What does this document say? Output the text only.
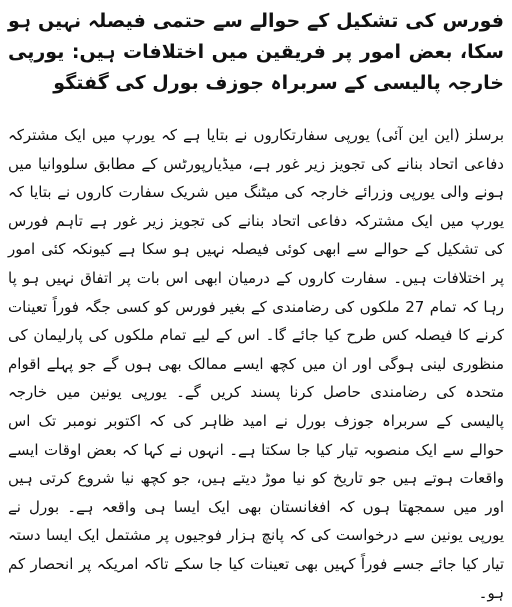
فورس کی تشکیل کے حوالے سے حتمی فیصلہ نہیں ہو سکا، بعض امور پر فریقین میں اختلافات ہیں: یورپی خارجہ پالیسی کے سربراہ جوزف بورل کی گفتگو

برسلز (این این آئی) یورپی سفارتکاروں نے بتایا ہے کہ یورپ میں ایک مشترکہ دفاعی اتحاد بنانے کی تجویز زیر غور ہے، میڈیارپورٹس کے مطابق سلووانیا میں ہونے والی یورپی وزرائے خارجہ کی میٹنگ میں شریک سفارت کاروں نے بتایا کہ یورپ میں ایک مشترکہ دفاعی اتحاد بنانے کی تجویز زیر غور ہے تاہم فورس کی تشکیل کے حوالے سے ابھی کوئی فیصلہ نہیں ہو سکا ہے کیونکہ کئی امور پر اختلافات ہیں۔ سفارت کاروں کے درمیان ابھی اس بات پر اتفاق نہیں ہو پا رہا کہ تمام 27 ملکوں کی رضامندی کے بغیر فورس کو کسی جگہ فوراً تعینات کرنے کا فیصلہ کس طرح کیا جائے گا۔ اس کے لیے تمام ملکوں کی پارلیمان کی منظوری لینی ہوگی اور ان میں کچھ ایسے ممالک بھی ہوں گے جو پہلے اقوام متحدہ کی رضامندی حاصل کرنا پسند کریں گے۔ یورپی یونین میں خارجہ پالیسی کے سربراہ جوزف بورل نے امید ظاہر کی کہ اکتوبر نومبر تک اس حوالے سے ایک منصوبہ تیار کیا جا سکتا ہے۔ انہوں نے کہا کہ بعض اوقات ایسے واقعات ہوتے ہیں جو تاریخ کو نیا موڑ دیتے ہیں، جو کچھ نیا شروع کرتی ہیں اور میں سمجھتا ہوں کہ افغانستان بھی ایک ایسا ہی واقعہ ہے۔ بورل نے یورپی یونین سے درخواست کی کہ پانچ ہزار فوجیوں پر مشتمل ایک ایسا دستہ تیار کیا جائے جسے فوراً کہیں بھی تعینات کیا جا سکے تاکہ امریکہ پر انحصار کم ہو۔
